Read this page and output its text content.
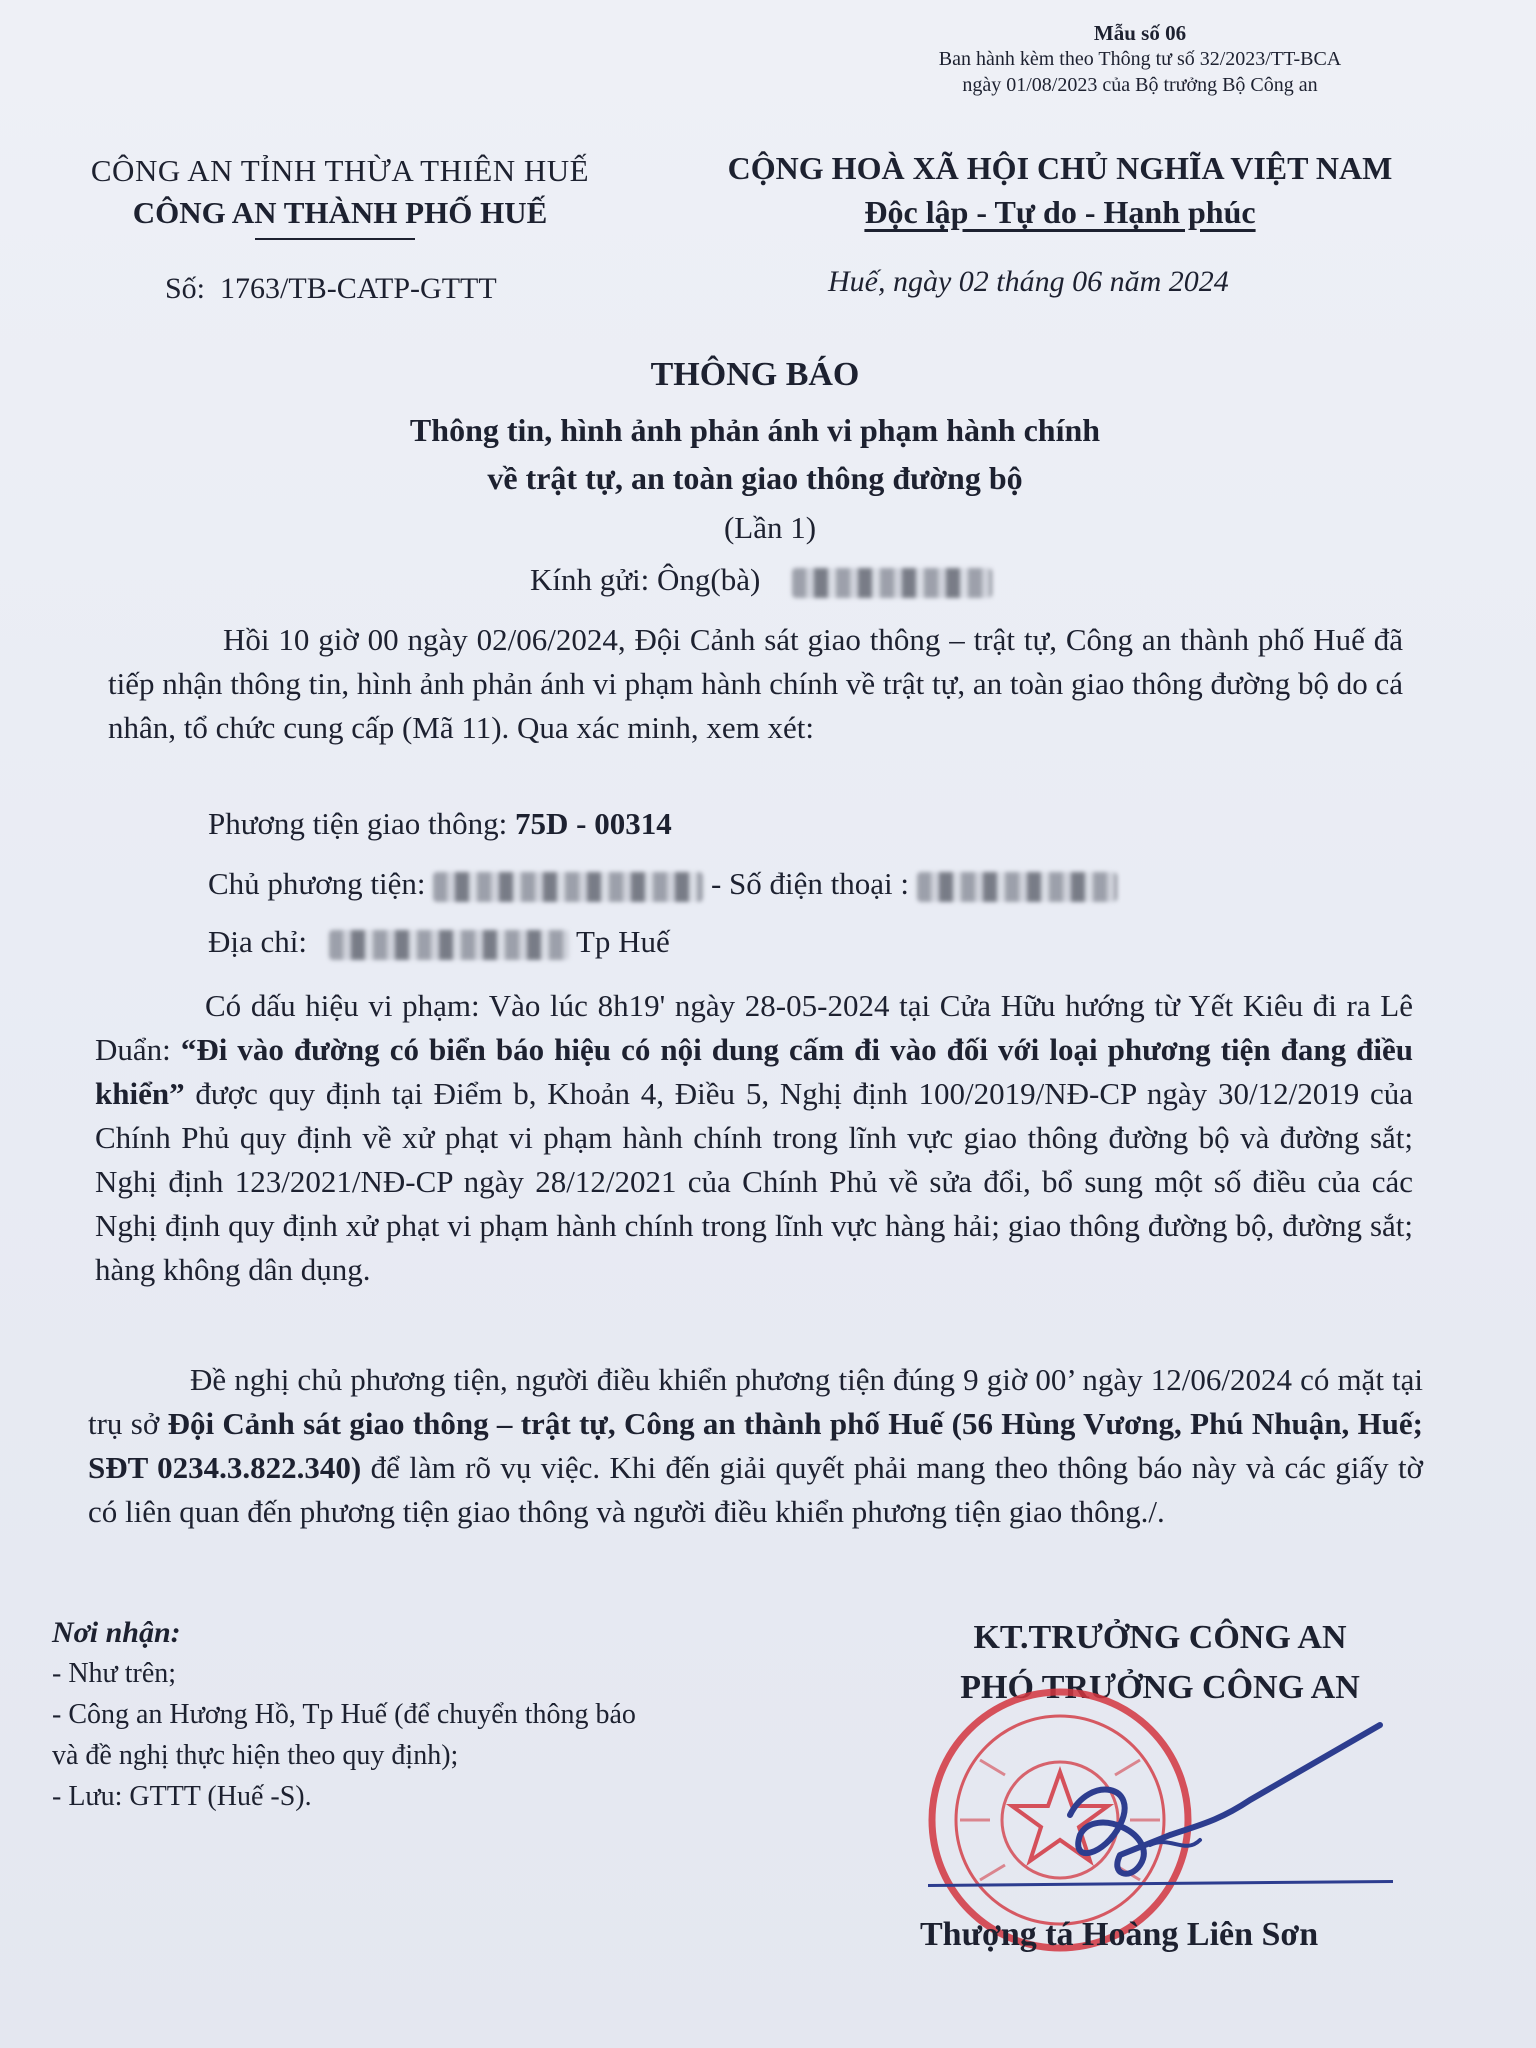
Mẫu số 06
Ban hành kèm theo Thông tư số 32/2023/TT-BCA
ngày 01/08/2023 của Bộ trưởng Bộ Công an
CÔNG AN TỈNH THỪA THIÊN HUẾ
CÔNG AN THÀNH PHỐ HUẾ
CỘNG HOÀ XÃ HỘI CHỦ NGHĨA VIỆT NAM
Độc lập - Tự do - Hạnh phúc
Số: 1763/TB-CATP-GTTT	Huế, ngày 02 tháng 06 năm 2024
THÔNG BÁO
Thông tin, hình ảnh phản ánh vi phạm hành chính
về trật tự, an toàn giao thông đường bộ
(Lần 1)
Kính gửi: Ông(bà)

Hồi 10 giờ 00 ngày 02/06/2024, Đội Cảnh sát giao thông – trật tự, Công an thành phố Huế đã tiếp nhận thông tin, hình ảnh phản ánh vi phạm hành chính về trật tự, an toàn giao thông đường bộ do cá nhân, tổ chức cung cấp (Mã 11). Qua xác minh, xem xét:

Phương tiện giao thông: 75D - 00314
Chủ phương tiện:	- Số điện thoại :
Địa chỉ:	Tp Huế

Có dấu hiệu vi phạm: Vào lúc 8h19' ngày 28-05-2024 tại Cửa Hữu hướng từ Yết Kiêu đi ra Lê Duẩn: “Đi vào đường có biển báo hiệu có nội dung cấm đi vào đối với loại phương tiện đang điều khiển” được quy định tại Điểm b, Khoản 4, Điều 5, Nghị định 100/2019/NĐ-CP ngày 30/12/2019 của Chính Phủ quy định về xử phạt vi phạm hành chính trong lĩnh vực giao thông đường bộ và đường sắt; Nghị định 123/2021/NĐ-CP ngày 28/12/2021 của Chính Phủ về sửa đổi, bổ sung một số điều của các Nghị định quy định xử phạt vi phạm hành chính trong lĩnh vực hàng hải; giao thông đường bộ, đường sắt; hàng không dân dụng.

Đề nghị chủ phương tiện, người điều khiển phương tiện đúng 9 giờ 00’ ngày 12/06/2024 có mặt tại trụ sở Đội Cảnh sát giao thông – trật tự, Công an thành phố Huế (56 Hùng Vương, Phú Nhuận, Huế; SĐT 0234.3.822.340) để làm rõ vụ việc. Khi đến giải quyết phải mang theo thông báo này và các giấy tờ có liên quan đến phương tiện giao thông và người điều khiển phương tiện giao thông./.

Nơi nhận:
- Như trên;
- Công an Hương Hồ, Tp Huế (để chuyển thông báo
và đề nghị thực hiện theo quy định);
- Lưu: GTTT (Huế -S).
KT.TRƯỞNG CÔNG AN
PHÓ TRƯỞNG CÔNG AN
Thượng tá Hoàng Liên Sơn
